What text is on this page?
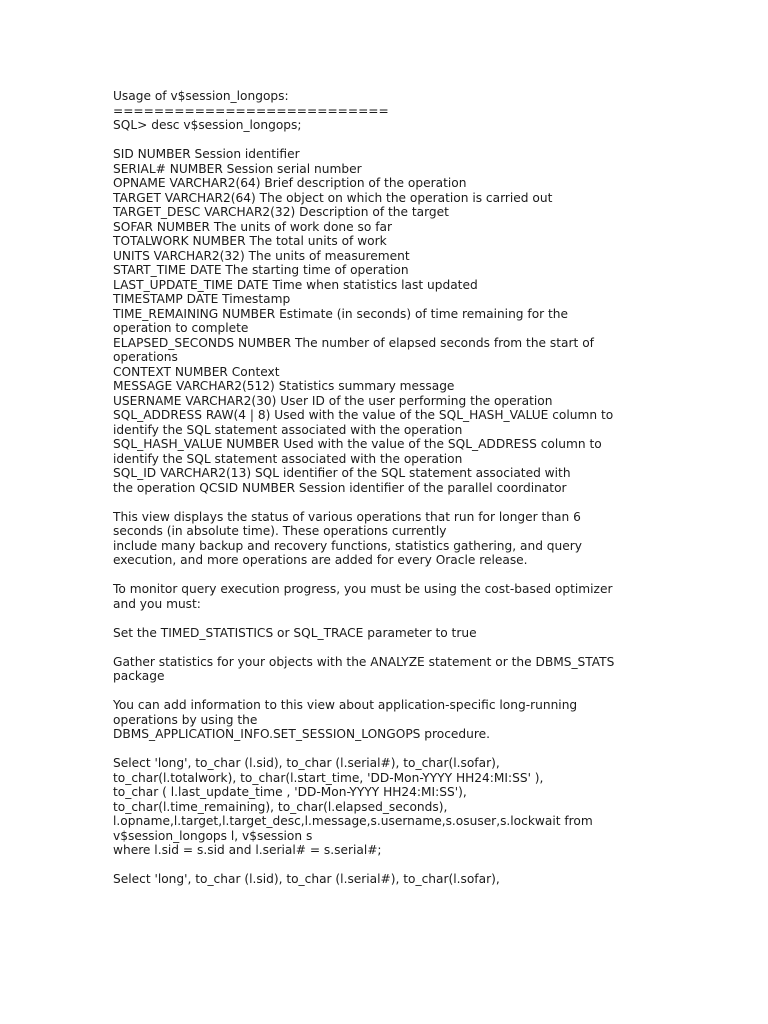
Usage of v$session_longops:
===========================
SQL> desc v$session_longops;
SID NUMBER Session identifier
SERIAL# NUMBER Session serial number
OPNAME VARCHAR2(64) Brief description of the operation
TARGET VARCHAR2(64) The object on which the operation is carried out
TARGET_DESC VARCHAR2(32) Description of the target
SOFAR NUMBER The units of work done so far
TOTALWORK NUMBER The total units of work
UNITS VARCHAR2(32) The units of measurement
START_TIME DATE The starting time of operation
LAST_UPDATE_TIME DATE Time when statistics last updated
TIMESTAMP DATE Timestamp
TIME_REMAINING NUMBER Estimate (in seconds) of time remaining for the
operation to complete
ELAPSED_SECONDS NUMBER The number of elapsed seconds from the start of
operations
CONTEXT NUMBER Context
MESSAGE VARCHAR2(512) Statistics summary message
USERNAME VARCHAR2(30) User ID of the user performing the operation
SQL_ADDRESS RAW(4 | 8) Used with the value of the SQL_HASH_VALUE column to
identify the SQL statement associated with the operation
SQL_HASH_VALUE NUMBER Used with the value of the SQL_ADDRESS column to
identify the SQL statement associated with the operation
SQL_ID VARCHAR2(13) SQL identifier of the SQL statement associated with
the operation QCSID NUMBER Session identifier of the parallel coordinator
This view displays the status of various operations that run for longer than 6
seconds (in absolute time). These operations currently
include many backup and recovery functions, statistics gathering, and query
execution, and more operations are added for every Oracle release.
To monitor query execution progress, you must be using the cost-based optimizer
and you must:
Set the TIMED_STATISTICS or SQL_TRACE parameter to true
Gather statistics for your objects with the ANALYZE statement or the DBMS_STATS
package
You can add information to this view about application-specific long-running
operations by using the
DBMS_APPLICATION_INFO.SET_SESSION_LONGOPS procedure.
Select 'long', to_char (l.sid), to_char (l.serial#), to_char(l.sofar),
to_char(l.totalwork), to_char(l.start_time, 'DD-Mon-YYYY HH24:MI:SS' ),
to_char ( l.last_update_time , 'DD-Mon-YYYY HH24:MI:SS'),
to_char(l.time_remaining), to_char(l.elapsed_seconds),
l.opname,l.target,l.target_desc,l.message,s.username,s.osuser,s.lockwait from
v$session_longops l, v$session s
where l.sid = s.sid and l.serial# = s.serial#;
Select 'long', to_char (l.sid), to_char (l.serial#), to_char(l.sofar),
